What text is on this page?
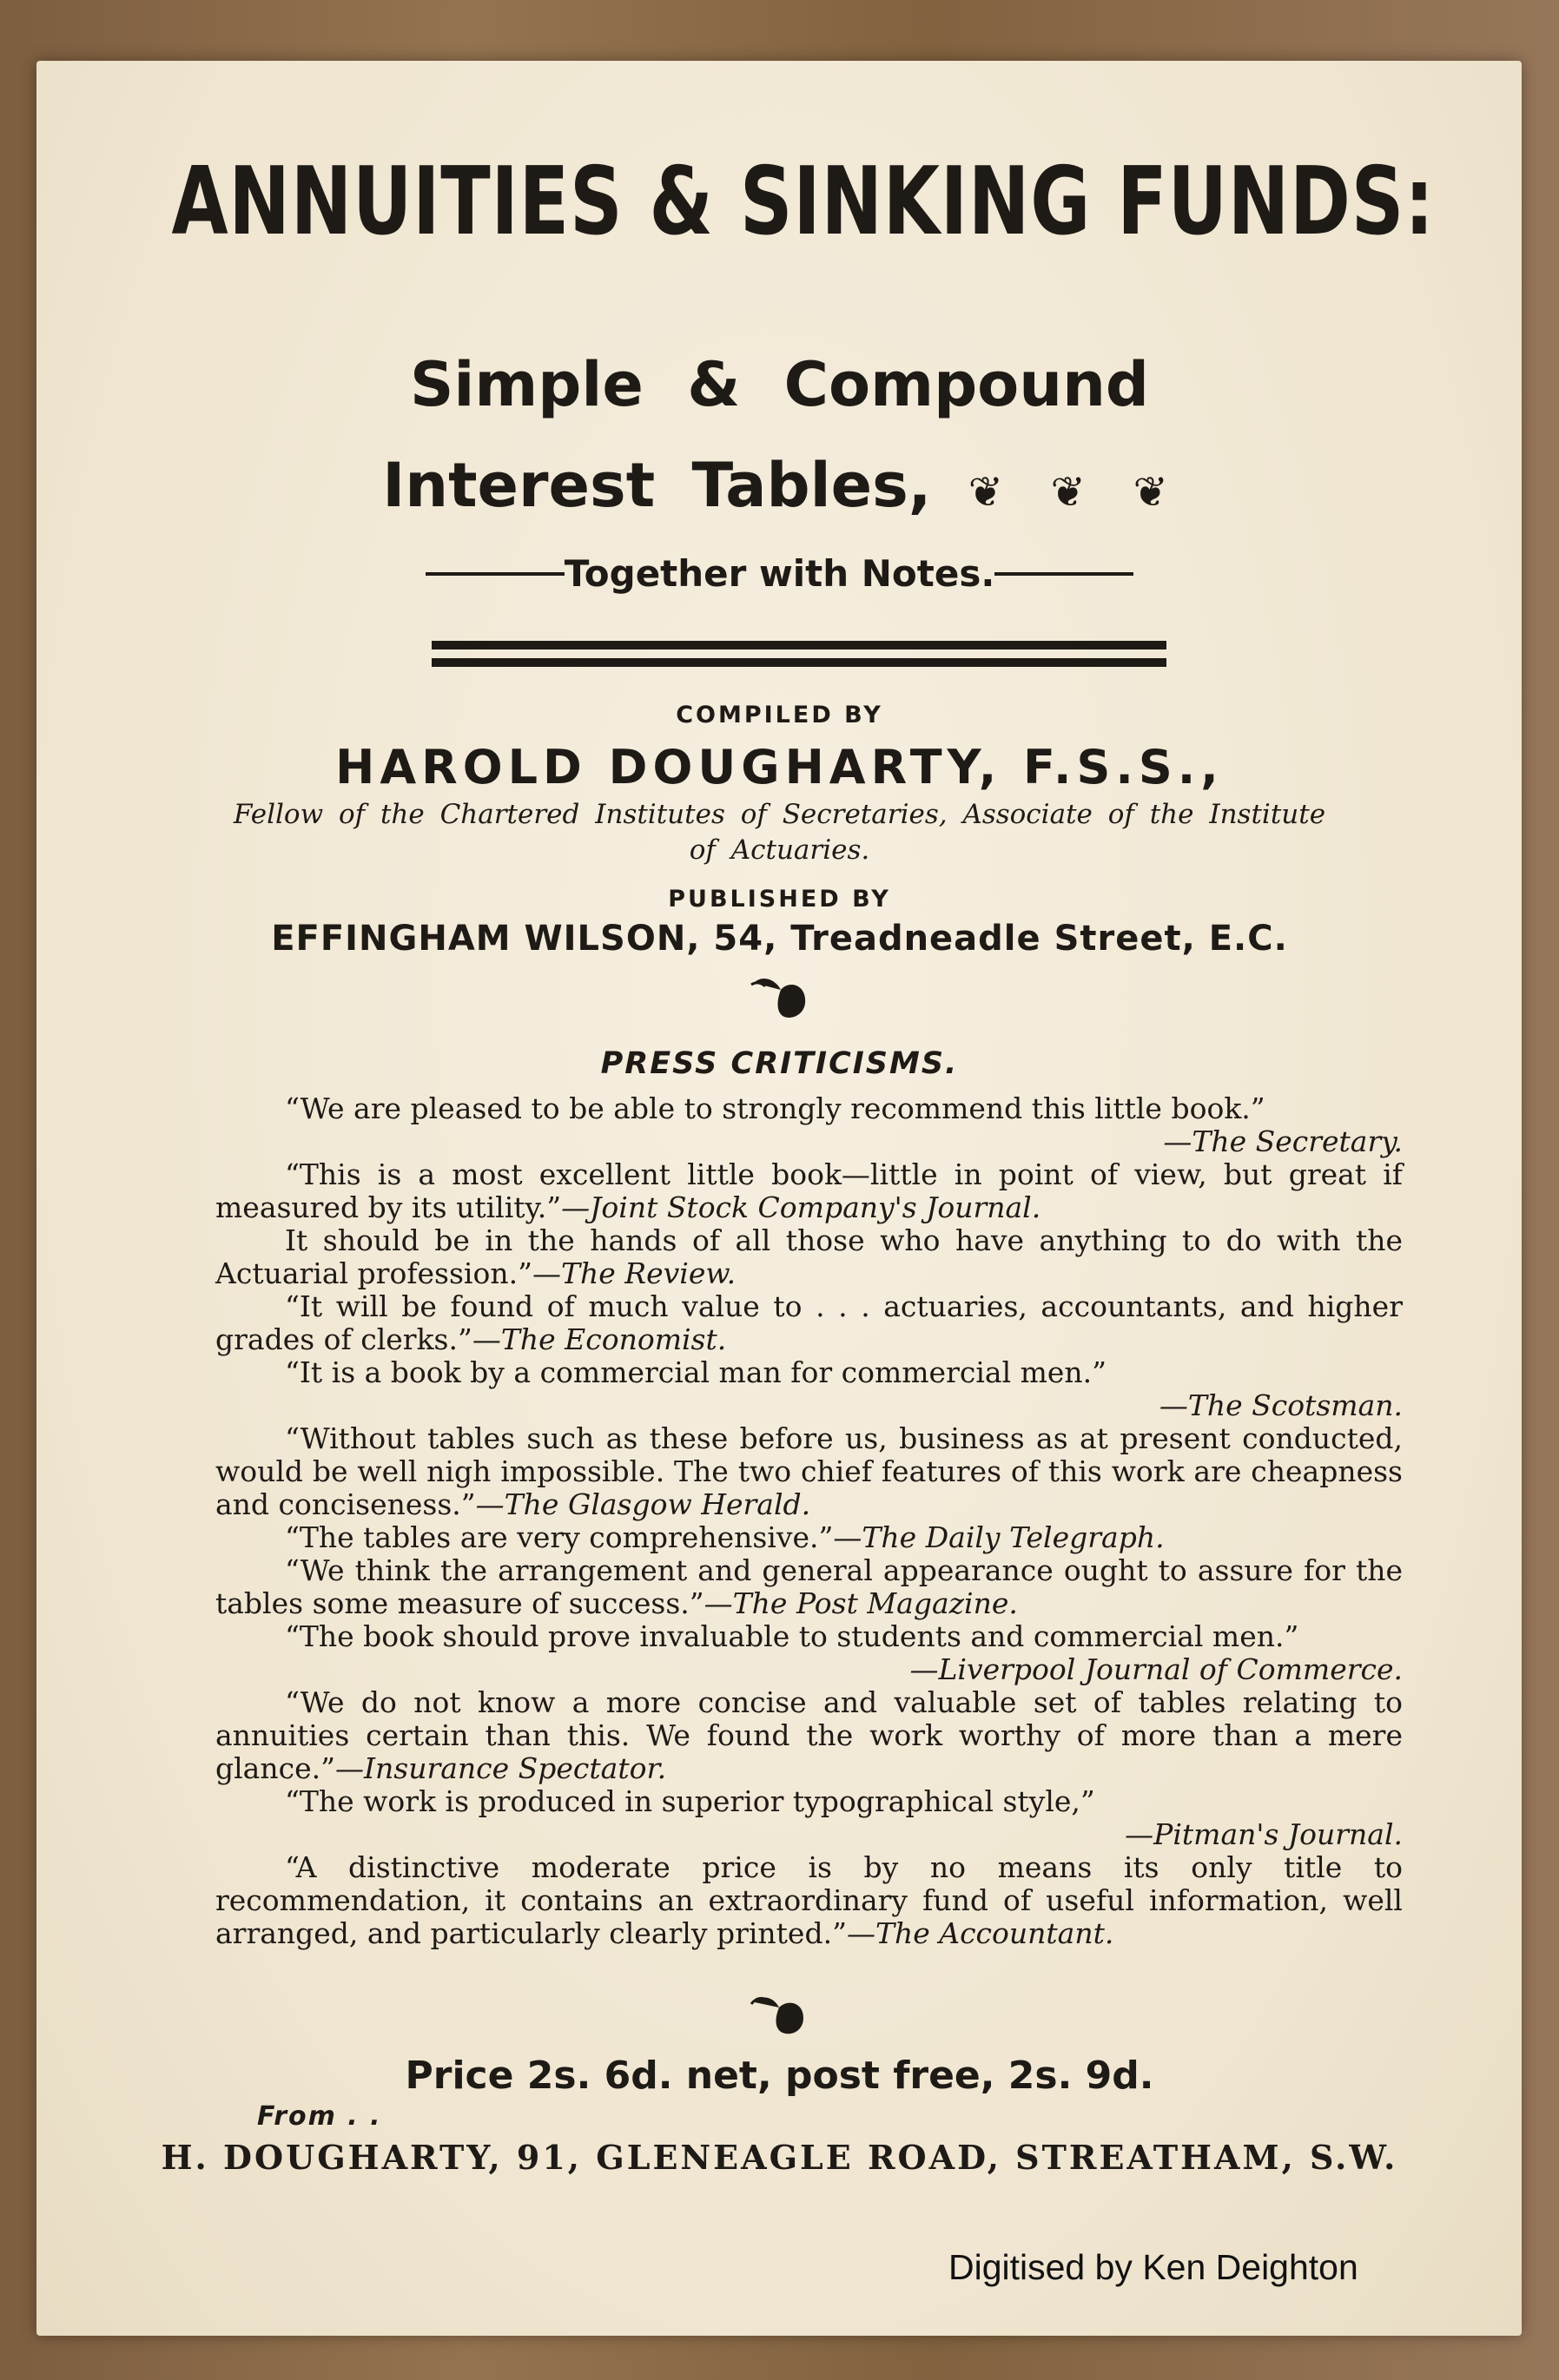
ANNUITIES & SINKING FUNDS:
Simple & Compound
Interest Tables, ❦ ❦ ❦
Together with Notes.
COMPILED BY
HAROLD DOUGHARTY, F.S.S.,
Fellow of the Chartered Institutes of Secretaries, Associate of the Institute of Actuaries.
PUBLISHED BY
EFFINGHAM WILSON, 54, Treadneadle Street, E.C.
PRESS CRITICISMS.

“We are pleased to be able to strongly recommend this little book.”

—The Secretary.

“This is a most excellent little book—little in point of view, but great if measured by its utility.”—Joint Stock Company's Journal.

It should be in the hands of all those who have anything to do with the Actuarial profession.”—The Review.

“It will be found of much value to . . . actuaries, accountants, and higher grades of clerks.”—The Economist.

“It is a book by a commercial man for commercial men.”

—The Scotsman.

“Without tables such as these before us, business as at present conducted, would be well nigh impossible. The two chief features of this work are cheapness and conciseness.”—The Glasgow Herald.

“The tables are very comprehensive.”—The Daily Telegraph.

“We think the arrangement and general appearance ought to assure for the tables some measure of success.”—The Post Magazine.

“The book should prove invaluable to students and commercial men.”

—Liverpool Journal of Commerce.

“We do not know a more concise and valuable set of tables relating to annuities certain than this. We found the work worthy of more than a mere glance.”—Insurance Spectator.

“The work is produced in superior typographical style,”

—Pitman's Journal.

“A distinctive moderate price is by no means its only title to recommendation, it contains an extraordinary fund of useful information, well arranged, and particularly clearly printed.”—The Accountant.

Price 2s. 6d. net, post free, 2s. 9d.
From . .
H. DOUGHARTY, 91, GLENEAGLE ROAD, STREATHAM, S.W.
Digitised by Ken Deighton
